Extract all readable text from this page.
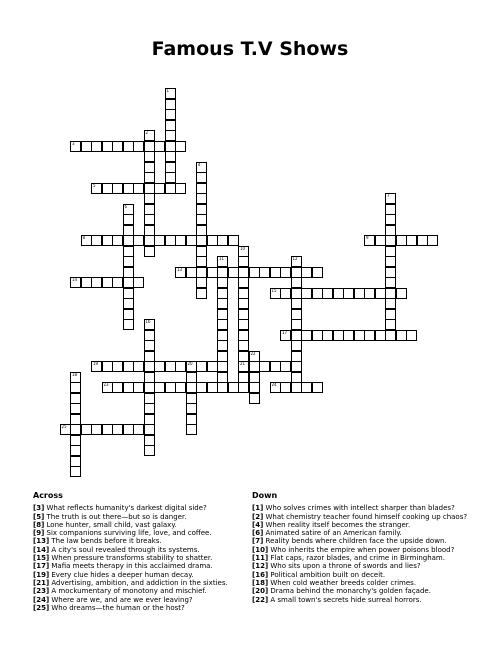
Famous T.V Shows
3
5
8	9
13
14
15
17
19	20	21
23	24
25
1
2
4
6
7
10
11	12
16
18
22
Across
[3] What reflects humanity's darkest digital side?
[5] The truth is out there—but so is danger.
[8] Lone hunter, small child, vast galaxy.
[9] Six companions surviving life, love, and coffee.
[13] The law bends before it breaks.
[14] A city's soul revealed through its systems.
[15] When pressure transforms stability to shatter.
[17] Mafia meets therapy in this acclaimed drama.
[19] Every clue hides a deeper human decay.
[21] Advertising, ambition, and addiction in the sixties.
[23] A mockumentary of monotony and mischief.
[24] Where are we, and are we ever leaving?
[25] Who dreams—the human or the host?
Down
[1] Who solves crimes with intellect sharper than blades?
[2] What chemistry teacher found himself cooking up chaos?
[4] When reality itself becomes the stranger.
[6] Animated satire of an American family.
[7] Reality bends where children face the upside down.
[10] Who inherits the empire when power poisons blood?
[11] Flat caps, razor blades, and crime in Birmingham.
[12] Who sits upon a throne of swords and lies?
[16] Political ambition built on deceit.
[18] When cold weather breeds colder crimes.
[20] Drama behind the monarchy's golden façade.
[22] A small town's secrets hide surreal horrors.
